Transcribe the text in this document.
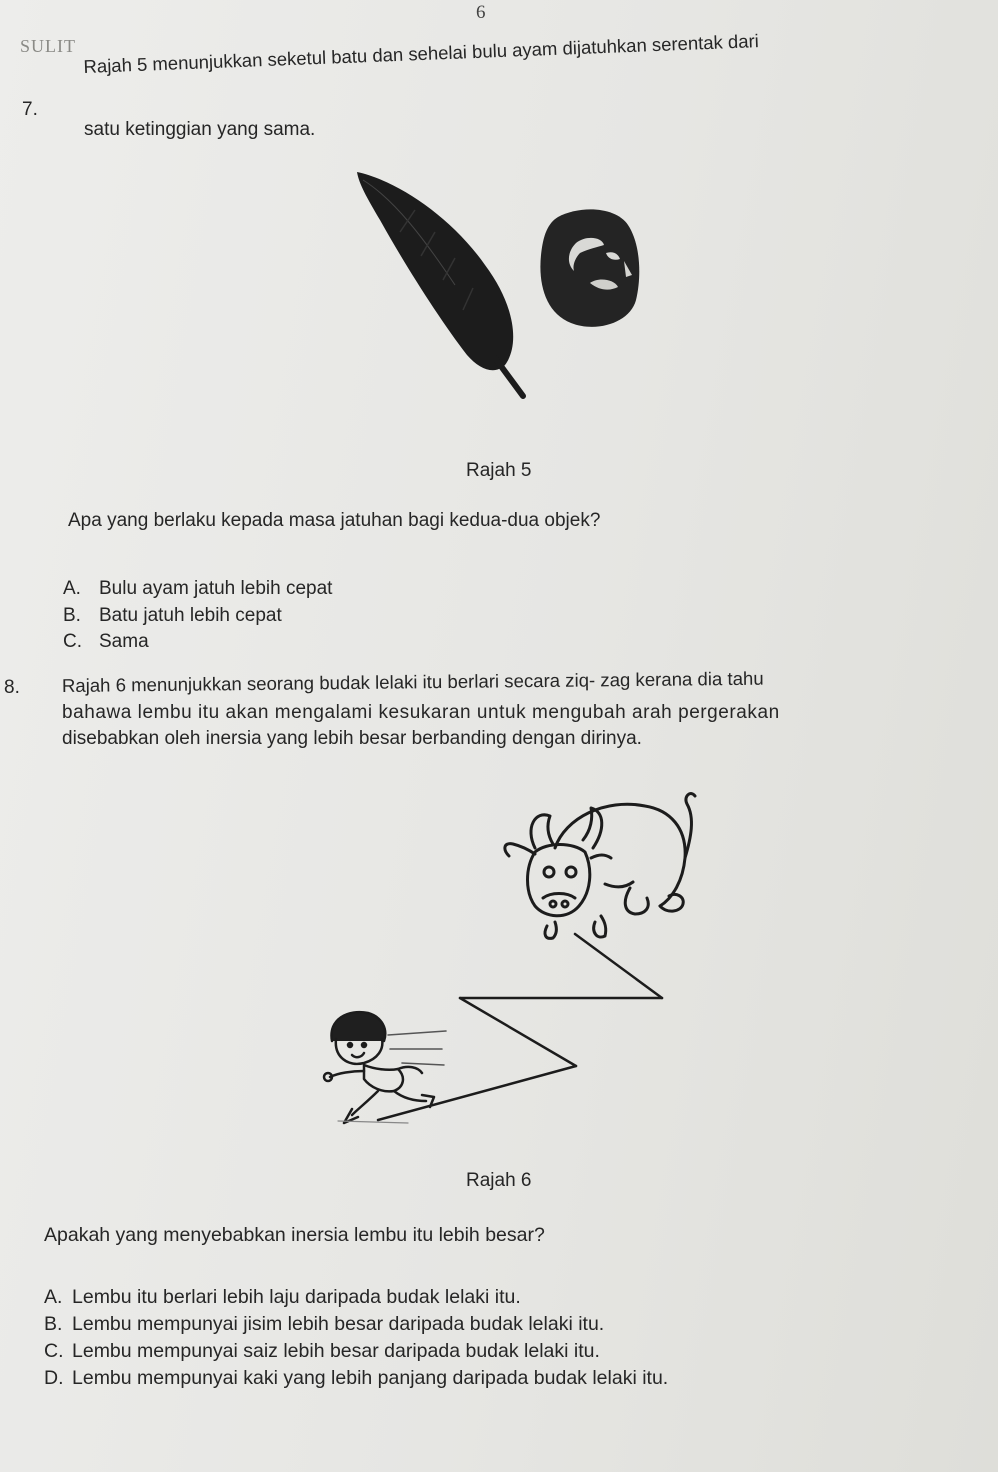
6
SULIT
7.
Rajah 5 menunjukkan seketul batu dan sehelai bulu ayam dijatuhkan serentak dari
satu ketinggian yang sama.
Rajah 5
Apa yang berlaku kepada masa jatuhan bagi kedua-dua objek?
A. Bulu ayam jatuh lebih cepat
B. Batu jatuh lebih cepat
C. Sama
8. Rajah 6 menunjukkan seorang budak lelaki itu berlari secara ziq- zag kerana dia tahu
bahawa lembu itu akan mengalami kesukaran untuk mengubah arah pergerakan
disebabkan oleh inersia yang lebih besar berbanding dengan dirinya.
Rajah 6
Apakah yang menyebabkan inersia lembu itu lebih besar?
A. Lembu itu berlari lebih laju daripada budak lelaki itu.
B. Lembu mempunyai jisim lebih besar daripada budak lelaki itu.
C. Lembu mempunyai saiz lebih besar daripada budak lelaki itu.
D. Lembu mempunyai kaki yang lebih panjang daripada budak lelaki itu.
